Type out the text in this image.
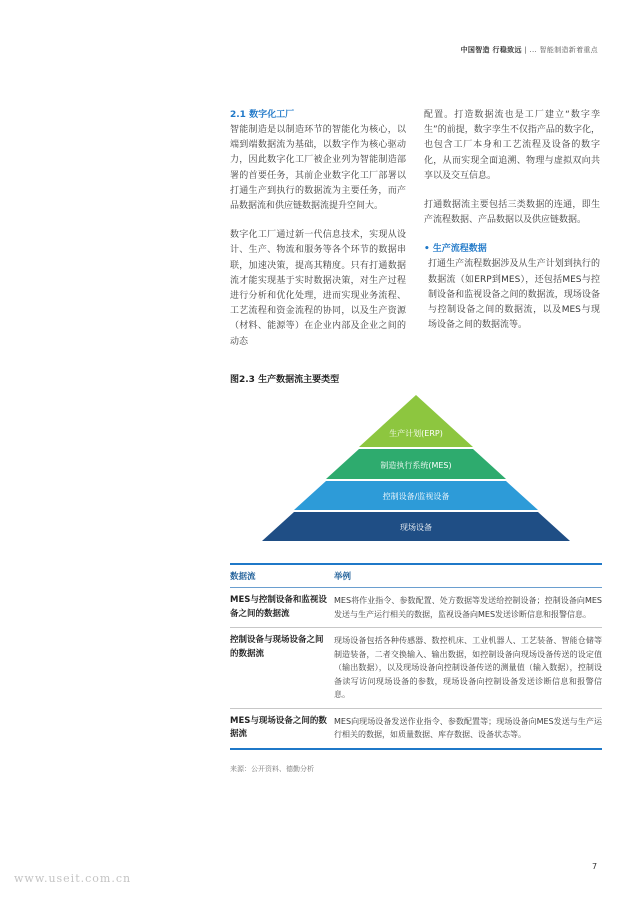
中国智造 行稳致远 | ... 智能制造新着重点
2.1 数字化工厂

智能制造是以制造环节的智能化为核心，以端到端数据流为基础，以数字作为核心驱动力，因此数字化工厂被企业列为智能制造部署的首要任务，其前企业数字化工厂部署以打通生产到执行的数据流为主要任务，而产品数据流和供应链数据流提升空间大。

数字化工厂通过新一代信息技术，实现从设计、生产、物流和服务等各个环节的数据串联，加速决策，提高其精度。只有打通数据流才能实现基于实时数据决策，对生产过程进行分析和优化处理，进而实现业务流程、工艺流程和资金流程的协同，以及生产资源（材料、能源等）在企业内部及企业之间的动态

配置。打造数据流也是工厂建立“数字孪生”的前提，数字孪生不仅指产品的数字化，也包含工厂本身和工艺流程及设备的数字化，从而实现全面追溯、物理与虚拟双向共享以及交互信息。

打通数据流主要包括三类数据的连通，即生产流程数据、产品数据以及供应链数据。

• 生产流程数据

打通生产流程数据涉及从生产计划到执行的数据流（如ERP到MES），还包括MES与控制设备和监视设备之间的数据流，现场设备与控制设备之间的数据流，以及MES与现场设备之间的数据流等。

图2.3 生产数据流主要类型
生产计划(ERP)
制造执行系统(MES)
控制设备/监视设备
现场设备
数据流	举例
MES与控制设备和监视设备之间的数据流
MES将作业指令、参数配置、处方数据等发送给控制设备；控制设备向MES发送与生产运行相关的数据，监视设备向MES发送诊断信息和报警信息。
控制设备与现场设备之间的数据流
现场设备包括各种传感器、数控机床、工业机器人、工艺装备、智能仓储等制造装备，二者交换输入、输出数据，如控制设备向现场设备传送的设定值（输出数据），以及现场设备向控制设备传送的测量值（输入数据），控制设备读写访问现场设备的参数，现场设备向控制设备发送诊断信息和报警信息。
MES与现场设备之间的数据流
MES向现场设备发送作业指令、参数配置等；现场设备向MES发送与生产运行相关的数据，如质量数据、库存数据、设备状态等。
来源：公开资料、德勤分析
7
www.useit.com.cn
